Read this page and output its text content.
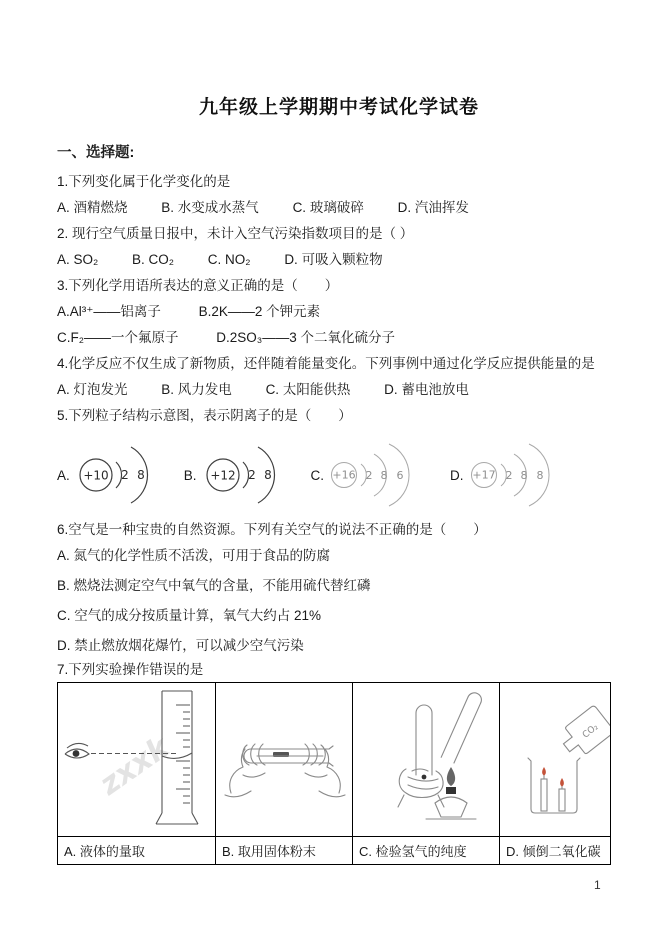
九年级上学期期中考试化学试卷
一、选择题:
1.下列变化属于化学变化的是
A. 酒精燃烧	B. 水变成水蒸气	C. 玻璃破碎	D. 汽油挥发
2. 现行空气质量日报中，未计入空气污染指数项目的是（ ）
A. SO₂	B. CO₂	C. NO₂	D. 可吸入颗粒物
3.下列化学用语所表达的意义正确的是（　　）
A.Al³⁺——铝离子	B.2K——2 个钾元素
C.F₂——一个氟原子	D.2SO₃——3 个二氧化硫分子
4.化学反应不仅生成了新物质，还伴随着能量变化。下列事例中通过化学反应提供能量的是
A. 灯泡发光	B. 风力发电	C. 太阳能供热	D. 蓄电池放电
5.下列粒子结构示意图，表示阴离子的是（　　）
A. +10 2 8	B. +12 2 8	C. +16 2 8 6	D. +17 2 8 8
6.空气是一种宝贵的自然资源。下列有关空气的说法不正确的是（　　）
A. 氮气的化学性质不活泼，可用于食品的防腐
B. 燃烧法测定空气中氧气的含量，不能用硫代替红磷
C. 空气的成分按质量计算，氧气大约占 21%
D. 禁止燃放烟花爆竹，可以减少空气污染
7.下列实验操作错误的是
zxxk			CO₂

A. 液体的量取	B. 取用固体粉末	C. 检验氢气的纯度	D. 倾倒二氧化碳
1
